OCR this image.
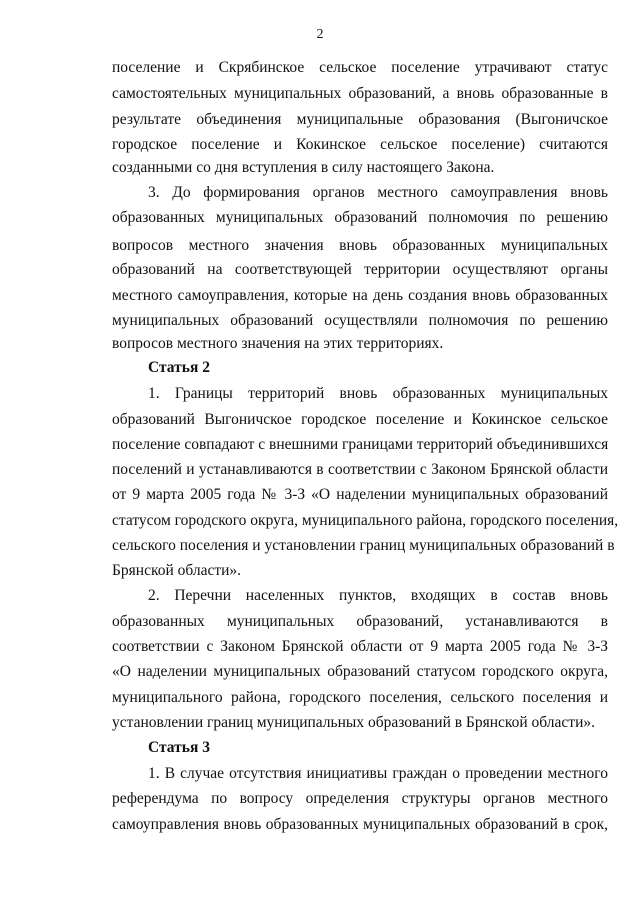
2
поселение и Скрябинское сельское поселение утрачивают статус
самостоятельных муниципальных образований, а вновь образованные в
результате объединения муниципальные образования (Выгоничское
городское поселение и Кокинское сельское поселение) считаются
созданными со дня вступления в силу настоящего Закона.
3. До формирования органов местного самоуправления вновь
образованных муниципальных образований полномочия по решению
вопросов местного значения вновь образованных муниципальных
образований на соответствующей территории осуществляют органы
местного самоуправления, которые на день создания вновь образованных
муниципальных образований осуществляли полномочия по решению
вопросов местного значения на этих территориях.
Статья 2
1. Границы территорий вновь образованных муниципальных
образований Выгоничское городское поселение и Кокинское сельское
поселение совпадают с внешними границами территорий объединившихся
поселений и устанавливаются в соответствии с Законом Брянской области
от 9 марта 2005 года № 3-З «О наделении муниципальных образований
статусом городского округа, муниципального района, городского поселения,
сельского поселения и установлении границ муниципальных образований в
Брянской области».
2. Перечни населенных пунктов, входящих в состав вновь
образованных муниципальных образований, устанавливаются в
соответствии с Законом Брянской области от 9 марта 2005 года № 3-З
«О наделении муниципальных образований статусом городского округа,
муниципального района, городского поселения, сельского поселения и
установлении границ муниципальных образований в Брянской области».
Статья 3
1. В случае отсутствия инициативы граждан о проведении местного
референдума по вопросу определения структуры органов местного
самоуправления вновь образованных муниципальных образований в срок,
